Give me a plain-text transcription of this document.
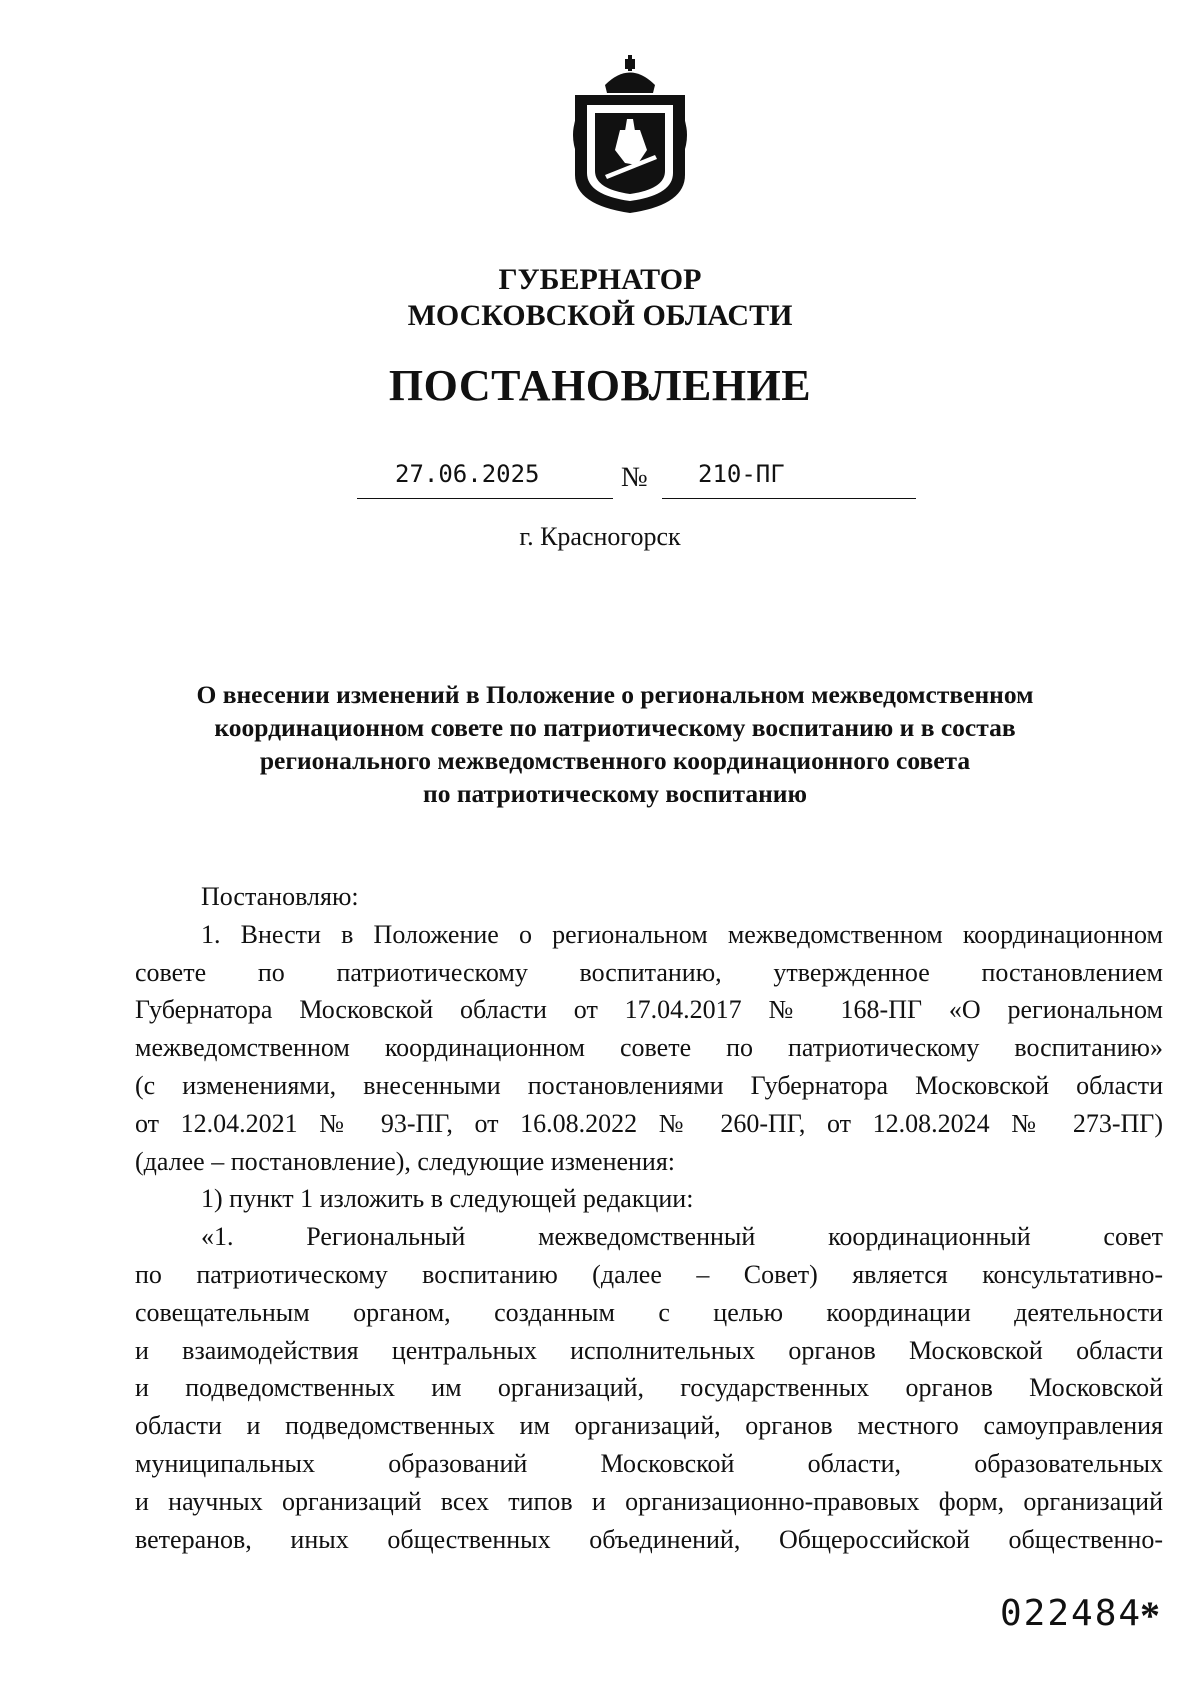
ГУБЕРНАТОР
МОСКОВСКОЙ ОБЛАСТИ
ПОСТАНОВЛЕНИЕ
27.06.2025	№ 210-ПГ
г. Красногорск
О внесении изменений в Положение о региональном межведомственном
координационном совете по патриотическому воспитанию и в состав
регионального межведомственного координационного совета
по патриотическому воспитанию
Постановляю:
1. Внести в Положение о региональном межведомственном координационном
совете по патриотическому воспитанию, утвержденное постановлением
Губернатора Московской области от 17.04.2017 № 168-ПГ «О региональном
межведомственном координационном совете по патриотическому воспитанию»
(с изменениями, внесенными постановлениями Губернатора Московской области
от 12.04.2021 № 93-ПГ, от 16.08.2022 № 260-ПГ, от 12.08.2024 № 273-ПГ)
(далее – постановление), следующие изменения:
1) пункт 1 изложить в следующей редакции:
«1. Региональный межведомственный координационный совет
по патриотическому воспитанию (далее – Совет) является консультативно-
совещательным органом, созданным с целью координации деятельности
и взаимодействия центральных исполнительных органов Московской области
и подведомственных им организаций, государственных органов Московской
области и подведомственных им организаций, органов местного самоуправления
муниципальных образований Московской области, образовательных
и научных организаций всех типов и организационно-правовых форм, организаций
ветеранов, иных общественных объединений, Общероссийской общественно-
022484
*
